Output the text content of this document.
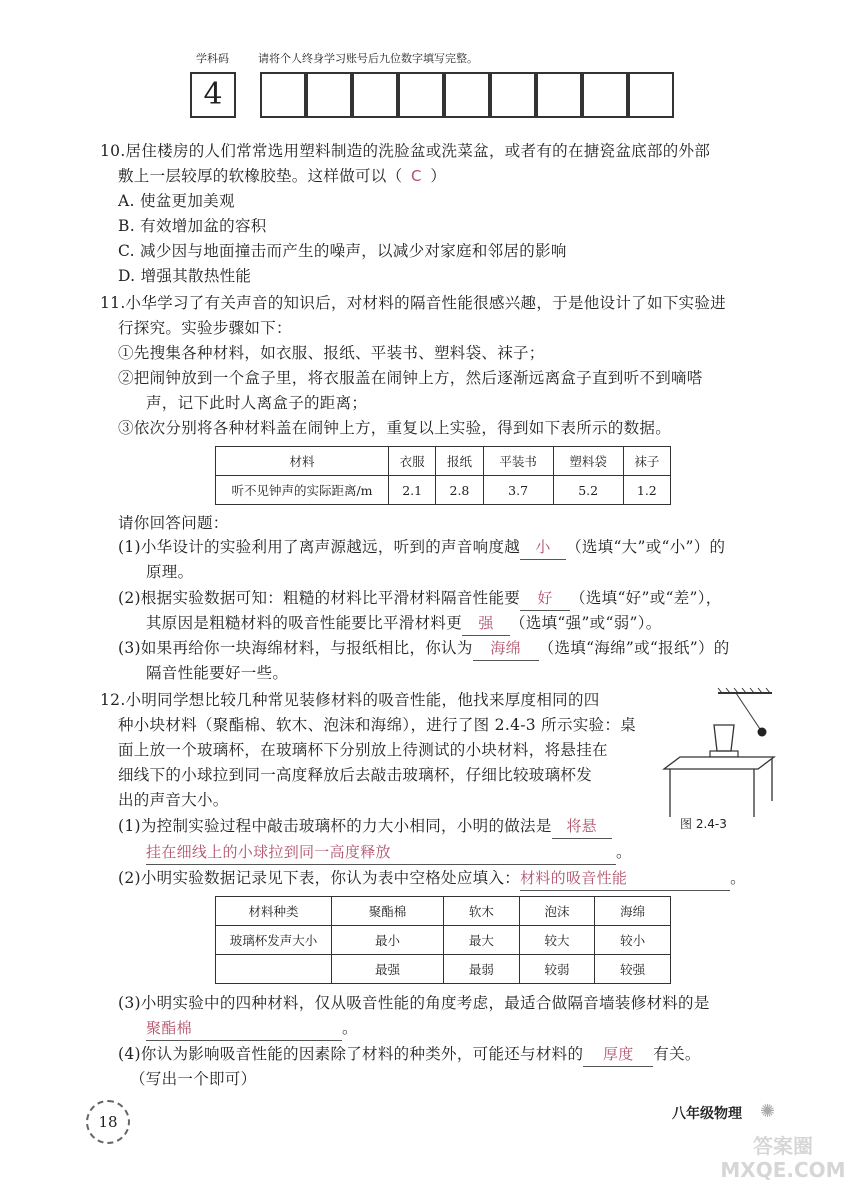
学科码	请将个人终身学习账号后九位数字填写完整。
4
10.居住楼房的人们常常选用塑料制造的洗脸盆或洗菜盆，或者有的在搪瓷盆底部的外部
敷上一层较厚的软橡胶垫。这样做可以（ C ）
A. 使盆更加美观
B. 有效增加盆的容积
C. 减少因与地面撞击而产生的噪声，以减少对家庭和邻居的影响
D. 增强其散热性能
11.小华学习了有关声音的知识后，对材料的隔音性能很感兴趣，于是他设计了如下实验进
行探究。实验步骤如下：
①先搜集各种材料，如衣服、报纸、平装书、塑料袋、袜子；
②把闹钟放到一个盒子里，将衣服盖在闹钟上方，然后逐渐远离盒子直到听不到嘀嗒
声，记下此时人离盒子的距离；
③依次分别将各种材料盖在闹钟上方，重复以上实验，得到如下表所示的数据。
材料	衣服	报纸	平装书	塑料袋	袜子
听不见钟声的实际距离/m	2.1	2.8	3.7	5.2	1.2
请你回答问题：
(1)小华设计的实验利用了离声源越远，听到的声音响度越 小 （选填“大”或“小”）的
原理。
(2)根据实验数据可知：粗糙的材料比平滑材料隔音性能要 好 （选填“好”或“差”），
其原因是粗糙材料的吸音性能要比平滑材料更 强 （选填“强”或“弱”）。
(3)如果再给你一块海绵材料，与报纸相比，你认为 海绵 （选填“海绵”或“报纸”）的
隔音性能要好一些。
12.小明同学想比较几种常见装修材料的吸音性能，他找来厚度相同的四
种小块材料（聚酯棉、软木、泡沫和海绵），进行了图 2.4-3 所示实验：桌
面上放一个玻璃杯，在玻璃杯下分别放上待测试的小块材料，将悬挂在
细线下的小球拉到同一高度释放后去敲击玻璃杯，仔细比较玻璃杯发
出的声音大小。
图 2.4-3
(1)为控制实验过程中敲击玻璃杯的力大小相同，小明的做法是 将悬
挂在细线上的小球拉到同一高度释放	。
(2)小明实验数据记录见下表，你认为表中空格处应填入：材料的吸音性能	。
材料种类	聚酯棉	软木	泡沫	海绵
玻璃杯发声大小	最小	最大	较大	较小
	最强	最弱	较弱	较强
(3)小明实验中的四种材料，仅从吸音性能的角度考虑，最适合做隔音墙装修材料的是
聚酯棉	。
(4)你认为影响吸音性能的因素除了材料的种类外，可能还与材料的 厚度 有关。
（写出一个即可）
18	八年级物理 ✺
答案圈 MXQE.COM
